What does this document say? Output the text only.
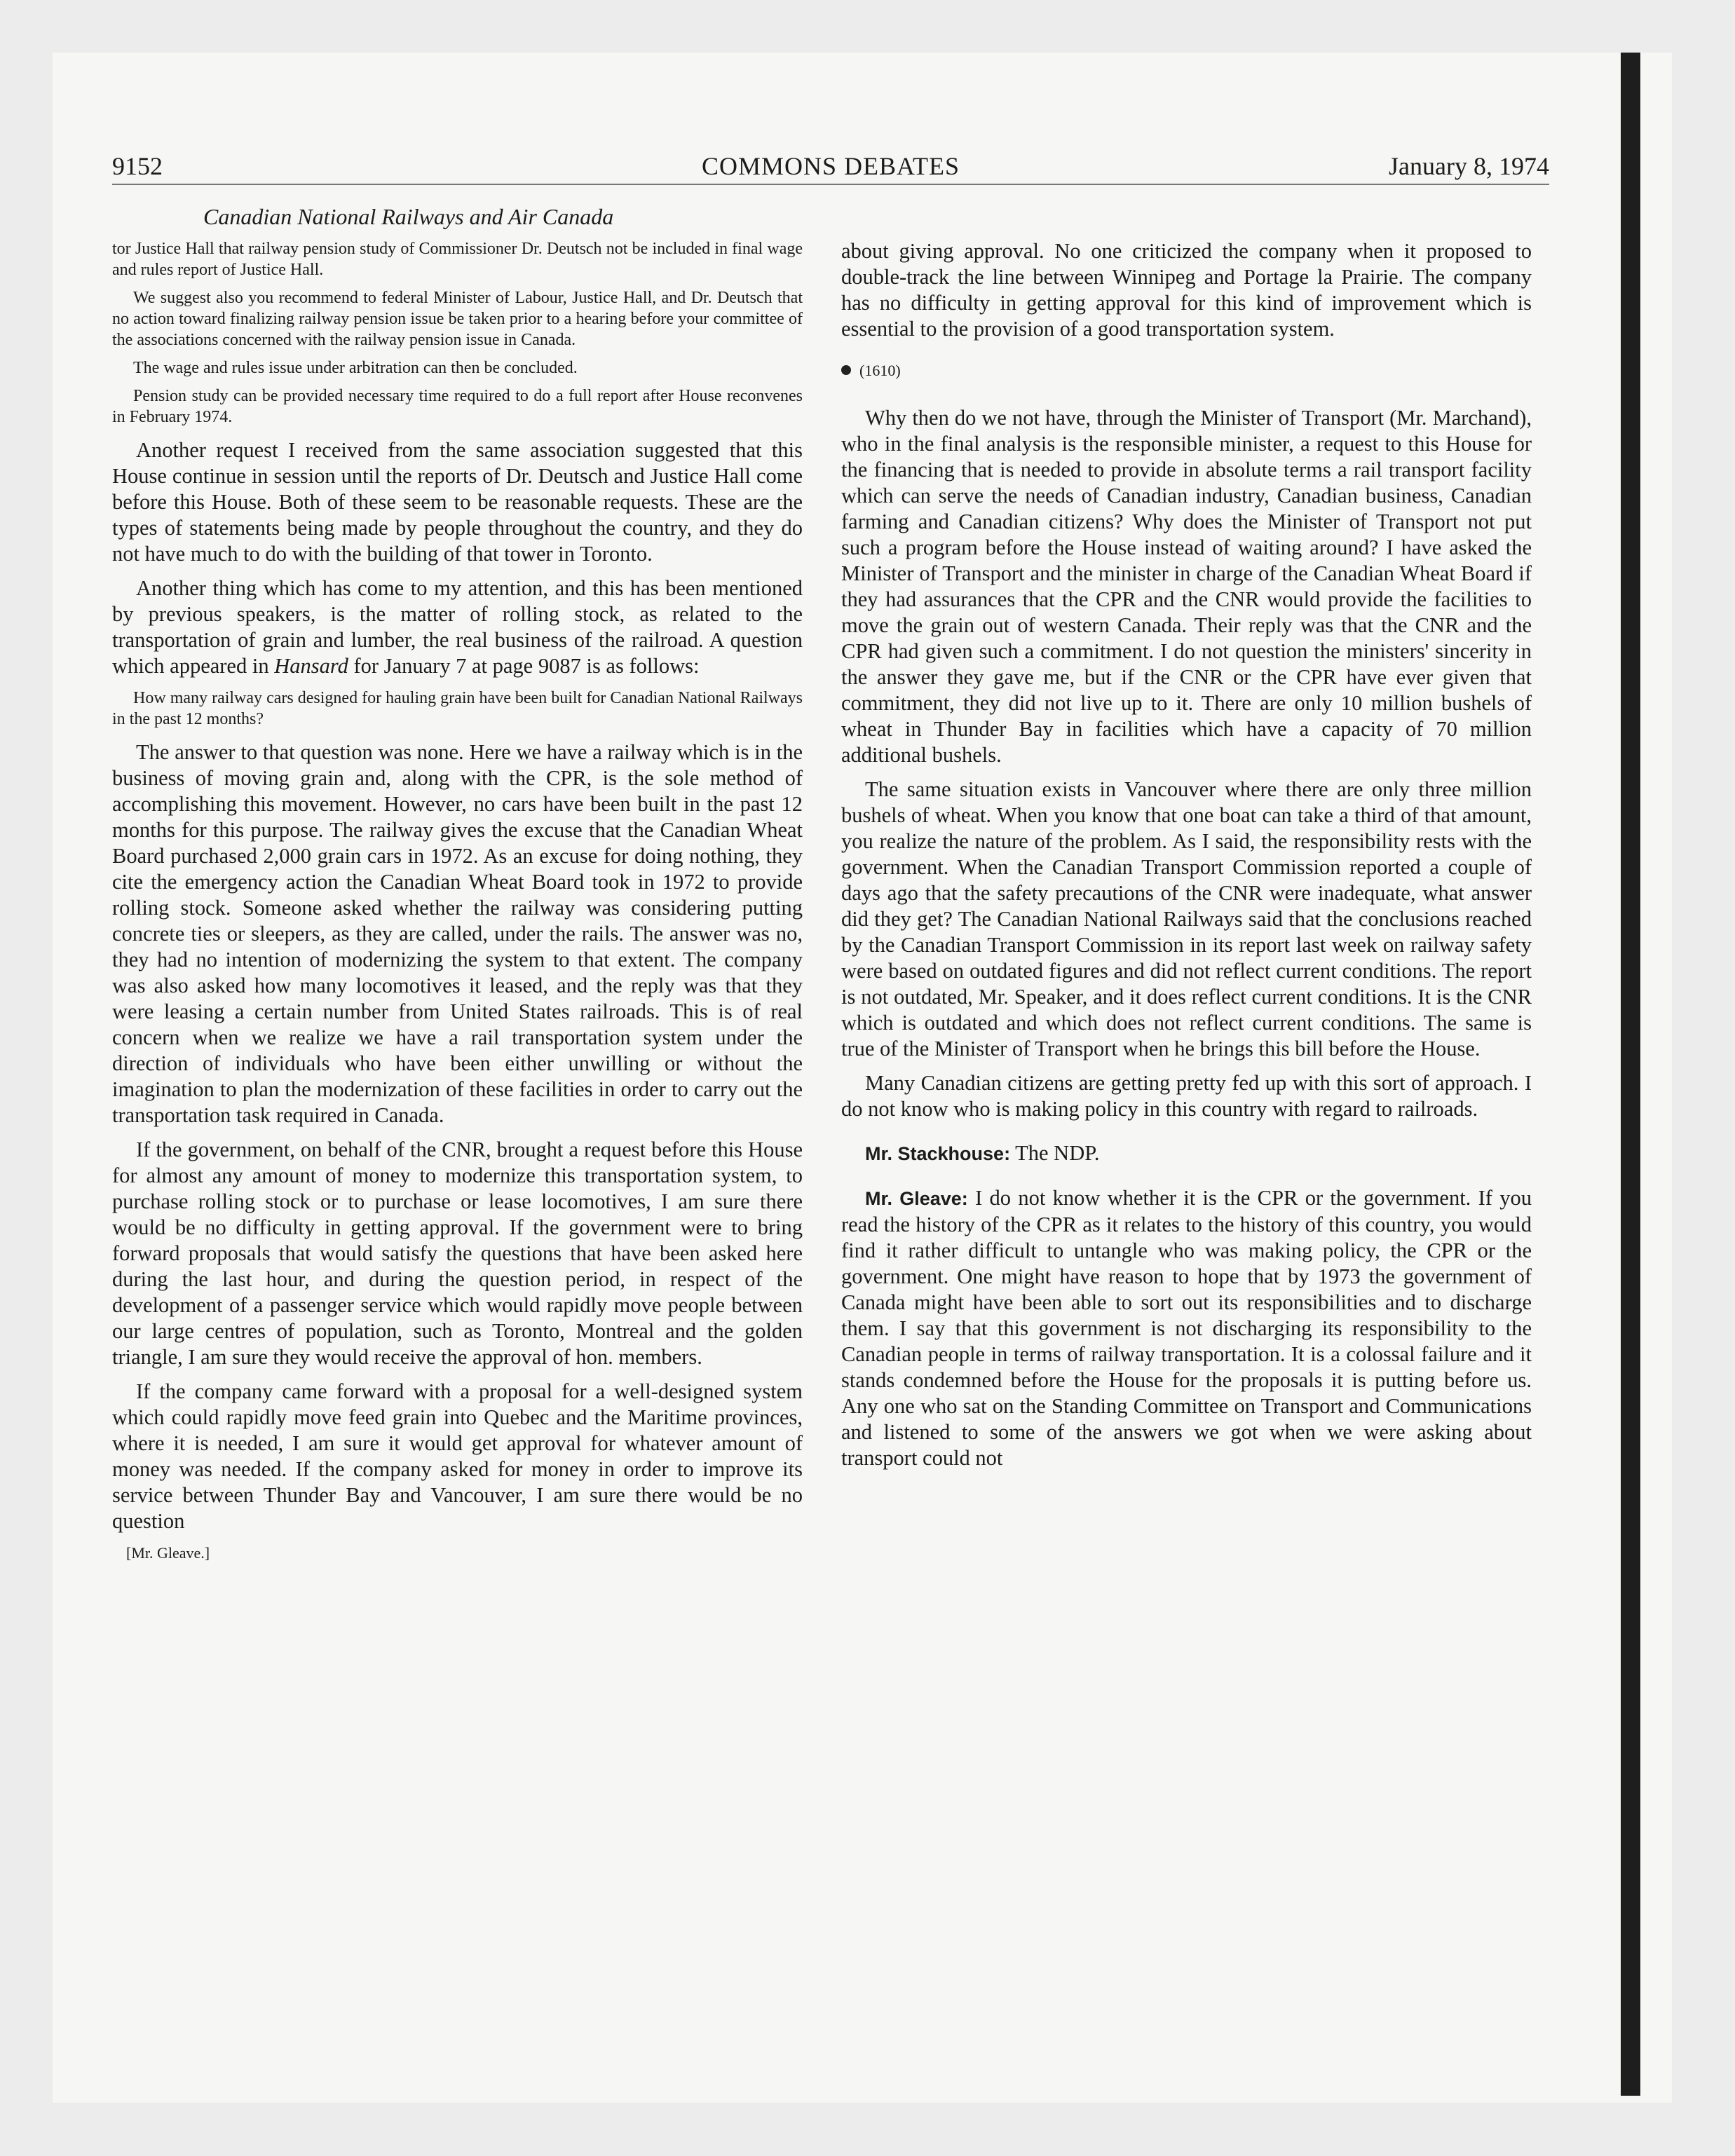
9152	COMMONS DEBATES	January 8, 1974
Canadian National Railways and Air Canada

tor Justice Hall that railway pension study of Commissioner Dr. Deutsch not be included in final wage and rules report of Justice Hall.

We suggest also you recommend to federal Minister of Labour, Justice Hall, and Dr. Deutsch that no action toward finalizing railway pension issue be taken prior to a hearing before your committee of the associations concerned with the railway pension issue in Canada.

The wage and rules issue under arbitration can then be concluded.

Pension study can be provided necessary time required to do a full report after House reconvenes in February 1974.

Another request I received from the same association suggested that this House continue in session until the reports of Dr. Deutsch and Justice Hall come before this House. Both of these seem to be reasonable requests. These are the types of statements being made by people throughout the country, and they do not have much to do with the building of that tower in Toronto.

Another thing which has come to my attention, and this has been mentioned by previous speakers, is the matter of rolling stock, as related to the transportation of grain and lumber, the real business of the railroad. A question which appeared in Hansard for January 7 at page 9087 is as follows:

How many railway cars designed for hauling grain have been built for Canadian National Railways in the past 12 months?

The answer to that question was none. Here we have a railway which is in the business of moving grain and, along with the CPR, is the sole method of accomplishing this movement. However, no cars have been built in the past 12 months for this purpose. The railway gives the excuse that the Canadian Wheat Board purchased 2,000 grain cars in 1972. As an excuse for doing nothing, they cite the emergency action the Canadian Wheat Board took in 1972 to provide rolling stock. Someone asked whether the railway was considering putting concrete ties or sleepers, as they are called, under the rails. The answer was no, they had no intention of modernizing the system to that extent. The company was also asked how many locomotives it leased, and the reply was that they were leasing a certain number from United States railroads. This is of real concern when we realize we have a rail transportation system under the direction of individuals who have been either unwilling or without the imagination to plan the modernization of these facilities in order to carry out the transportation task required in Canada.

If the government, on behalf of the CNR, brought a request before this House for almost any amount of money to modernize this transportation system, to purchase rolling stock or to purchase or lease locomotives, I am sure there would be no difficulty in getting approval. If the government were to bring forward proposals that would satisfy the questions that have been asked here during the last hour, and during the question period, in respect of the development of a passenger service which would rapidly move people between our large centres of population, such as Toronto, Montreal and the golden triangle, I am sure they would receive the approval of hon. members.

If the company came forward with a proposal for a well-designed system which could rapidly move feed grain into Quebec and the Maritime provinces, where it is needed, I am sure it would get approval for whatever amount of money was needed. If the company asked for money in order to improve its service between Thunder Bay and Vancouver, I am sure there would be no question

[Mr. Gleave.]

about giving approval. No one criticized the company when it proposed to double-track the line between Winnipeg and Portage la Prairie. The company has no difficulty in getting approval for this kind of improvement which is essential to the provision of a good transportation system.

(1610)

Why then do we not have, through the Minister of Transport (Mr. Marchand), who in the final analysis is the responsible minister, a request to this House for the financing that is needed to provide in absolute terms a rail transport facility which can serve the needs of Canadian industry, Canadian business, Canadian farming and Canadian citizens? Why does the Minister of Transport not put such a program before the House instead of waiting around? I have asked the Minister of Transport and the minister in charge of the Canadian Wheat Board if they had assurances that the CPR and the CNR would provide the facilities to move the grain out of western Canada. Their reply was that the CNR and the CPR had given such a commitment. I do not question the ministers' sincerity in the answer they gave me, but if the CNR or the CPR have ever given that commitment, they did not live up to it. There are only 10 million bushels of wheat in Thunder Bay in facilities which have a capacity of 70 million additional bushels.

The same situation exists in Vancouver where there are only three million bushels of wheat. When you know that one boat can take a third of that amount, you realize the nature of the problem. As I said, the responsibility rests with the government. When the Canadian Transport Commission reported a couple of days ago that the safety precautions of the CNR were inadequate, what answer did they get? The Canadian National Railways said that the conclusions reached by the Canadian Transport Commission in its report last week on railway safety were based on outdated figures and did not reflect current conditions. The report is not outdated, Mr. Speaker, and it does reflect current conditions. It is the CNR which is outdated and which does not reflect current conditions. The same is true of the Minister of Transport when he brings this bill before the House.

Many Canadian citizens are getting pretty fed up with this sort of approach. I do not know who is making policy in this country with regard to railroads.

Mr. Stackhouse: The NDP.

Mr. Gleave: I do not know whether it is the CPR or the government. If you read the history of the CPR as it relates to the history of this country, you would find it rather difficult to untangle who was making policy, the CPR or the government. One might have reason to hope that by 1973 the government of Canada might have been able to sort out its responsibilities and to discharge them. I say that this government is not discharging its responsibility to the Canadian people in terms of railway transportation. It is a colossal failure and it stands condemned before the House for the proposals it is putting before us. Any one who sat on the Standing Committee on Transport and Communications and listened to some of the answers we got when we were asking about transport could not
